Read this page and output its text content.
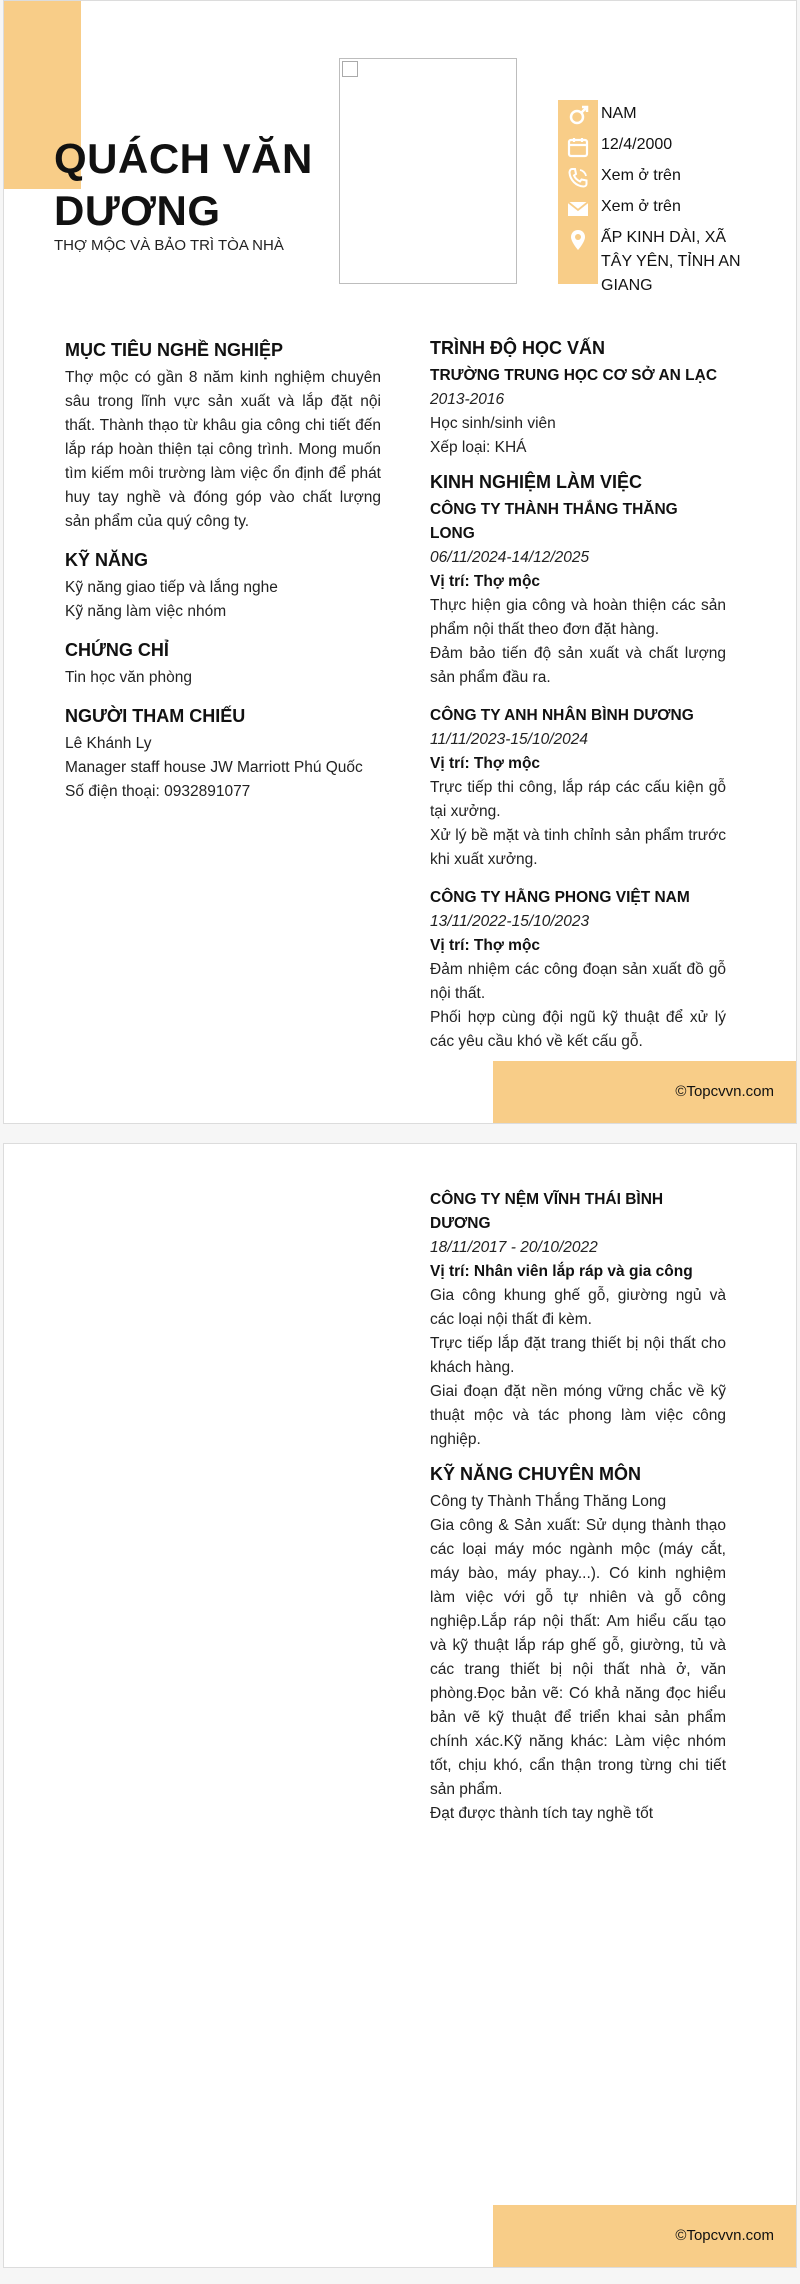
QUÁCH VĂN
DƯƠNG
THỢ MỘC VÀ BẢO TRÌ TÒA NHÀ
NAM
12/4/2000
Xem ở trên
Xem ở trên
ẤP KINH DÀI, XÃ TÂY YÊN, TỈNH AN GIANG
MỤC TIÊU NGHỀ NGHIỆP
Thợ mộc có gần 8 năm kinh nghiệm chuyên sâu trong lĩnh vực sản xuất và lắp đặt nội thất. Thành thạo từ khâu gia công chi tiết đến lắp ráp hoàn thiện tại công trình. Mong muốn tìm kiếm môi trường làm việc ổn định để phát huy tay nghề và đóng góp vào chất lượng sản phẩm của quý công ty.
KỸ NĂNG
Kỹ năng giao tiếp và lắng nghe
Kỹ năng làm việc nhóm
CHỨNG CHỈ
Tin học văn phòng
NGƯỜI THAM CHIẾU
Lê Khánh Ly
Manager staff house JW Marriott Phú Quốc
Số điện thoại: 0932891077
TRÌNH ĐỘ HỌC VẤN
TRƯỜNG TRUNG HỌC CƠ SỞ AN LẠC
2013-2016
Học sinh/sinh viên
Xếp loại: KHÁ
KINH NGHIỆM LÀM VIỆC
CÔNG TY THÀNH THẮNG THĂNG LONG
06/11/2024-14/12/2025
Vị trí: Thợ mộc
Thực hiện gia công và hoàn thiện các sản phẩm nội thất theo đơn đặt hàng.
Đảm bảo tiến độ sản xuất và chất lượng sản phẩm đầu ra.
CÔNG TY ANH NHÂN BÌNH DƯƠNG
11/11/2023-15/10/2024
Vị trí: Thợ mộc
Trực tiếp thi công, lắp ráp các cấu kiện gỗ tại xưởng.
Xử lý bề mặt và tinh chỉnh sản phẩm trước khi xuất xưởng.
CÔNG TY HẰNG PHONG VIỆT NAM
13/11/2022-15/10/2023
Vị trí: Thợ mộc
Đảm nhiệm các công đoạn sản xuất đồ gỗ nội thất.
Phối hợp cùng đội ngũ kỹ thuật để xử lý các yêu cầu khó về kết cấu gỗ.
©Topcvvn.com
CÔNG TY NỆM VĨNH THÁI BÌNH DƯƠNG
18/11/2017 - 20/10/2022
Vị trí: Nhân viên lắp ráp và gia công
Gia công khung ghế gỗ, giường ngủ và các loại nội thất đi kèm.
Trực tiếp lắp đặt trang thiết bị nội thất cho khách hàng.
Giai đoạn đặt nền móng vững chắc về kỹ thuật mộc và tác phong làm việc công nghiệp.
KỸ NĂNG CHUYÊN MÔN
Công ty Thành Thắng Thăng Long
Gia công & Sản xuất: Sử dụng thành thạo các loại máy móc ngành mộc (máy cắt, máy bào, máy phay...). Có kinh nghiệm làm việc với gỗ tự nhiên và gỗ công nghiệp.Lắp ráp nội thất: Am hiểu cấu tạo và kỹ thuật lắp ráp ghế gỗ, giường, tủ và các trang thiết bị nội thất nhà ở, văn phòng.Đọc bản vẽ: Có khả năng đọc hiểu bản vẽ kỹ thuật để triển khai sản phẩm chính xác.Kỹ năng khác: Làm việc nhóm tốt, chịu khó, cẩn thận trong từng chi tiết sản phẩm.
Đạt được thành tích tay nghề tốt
©Topcvvn.com
